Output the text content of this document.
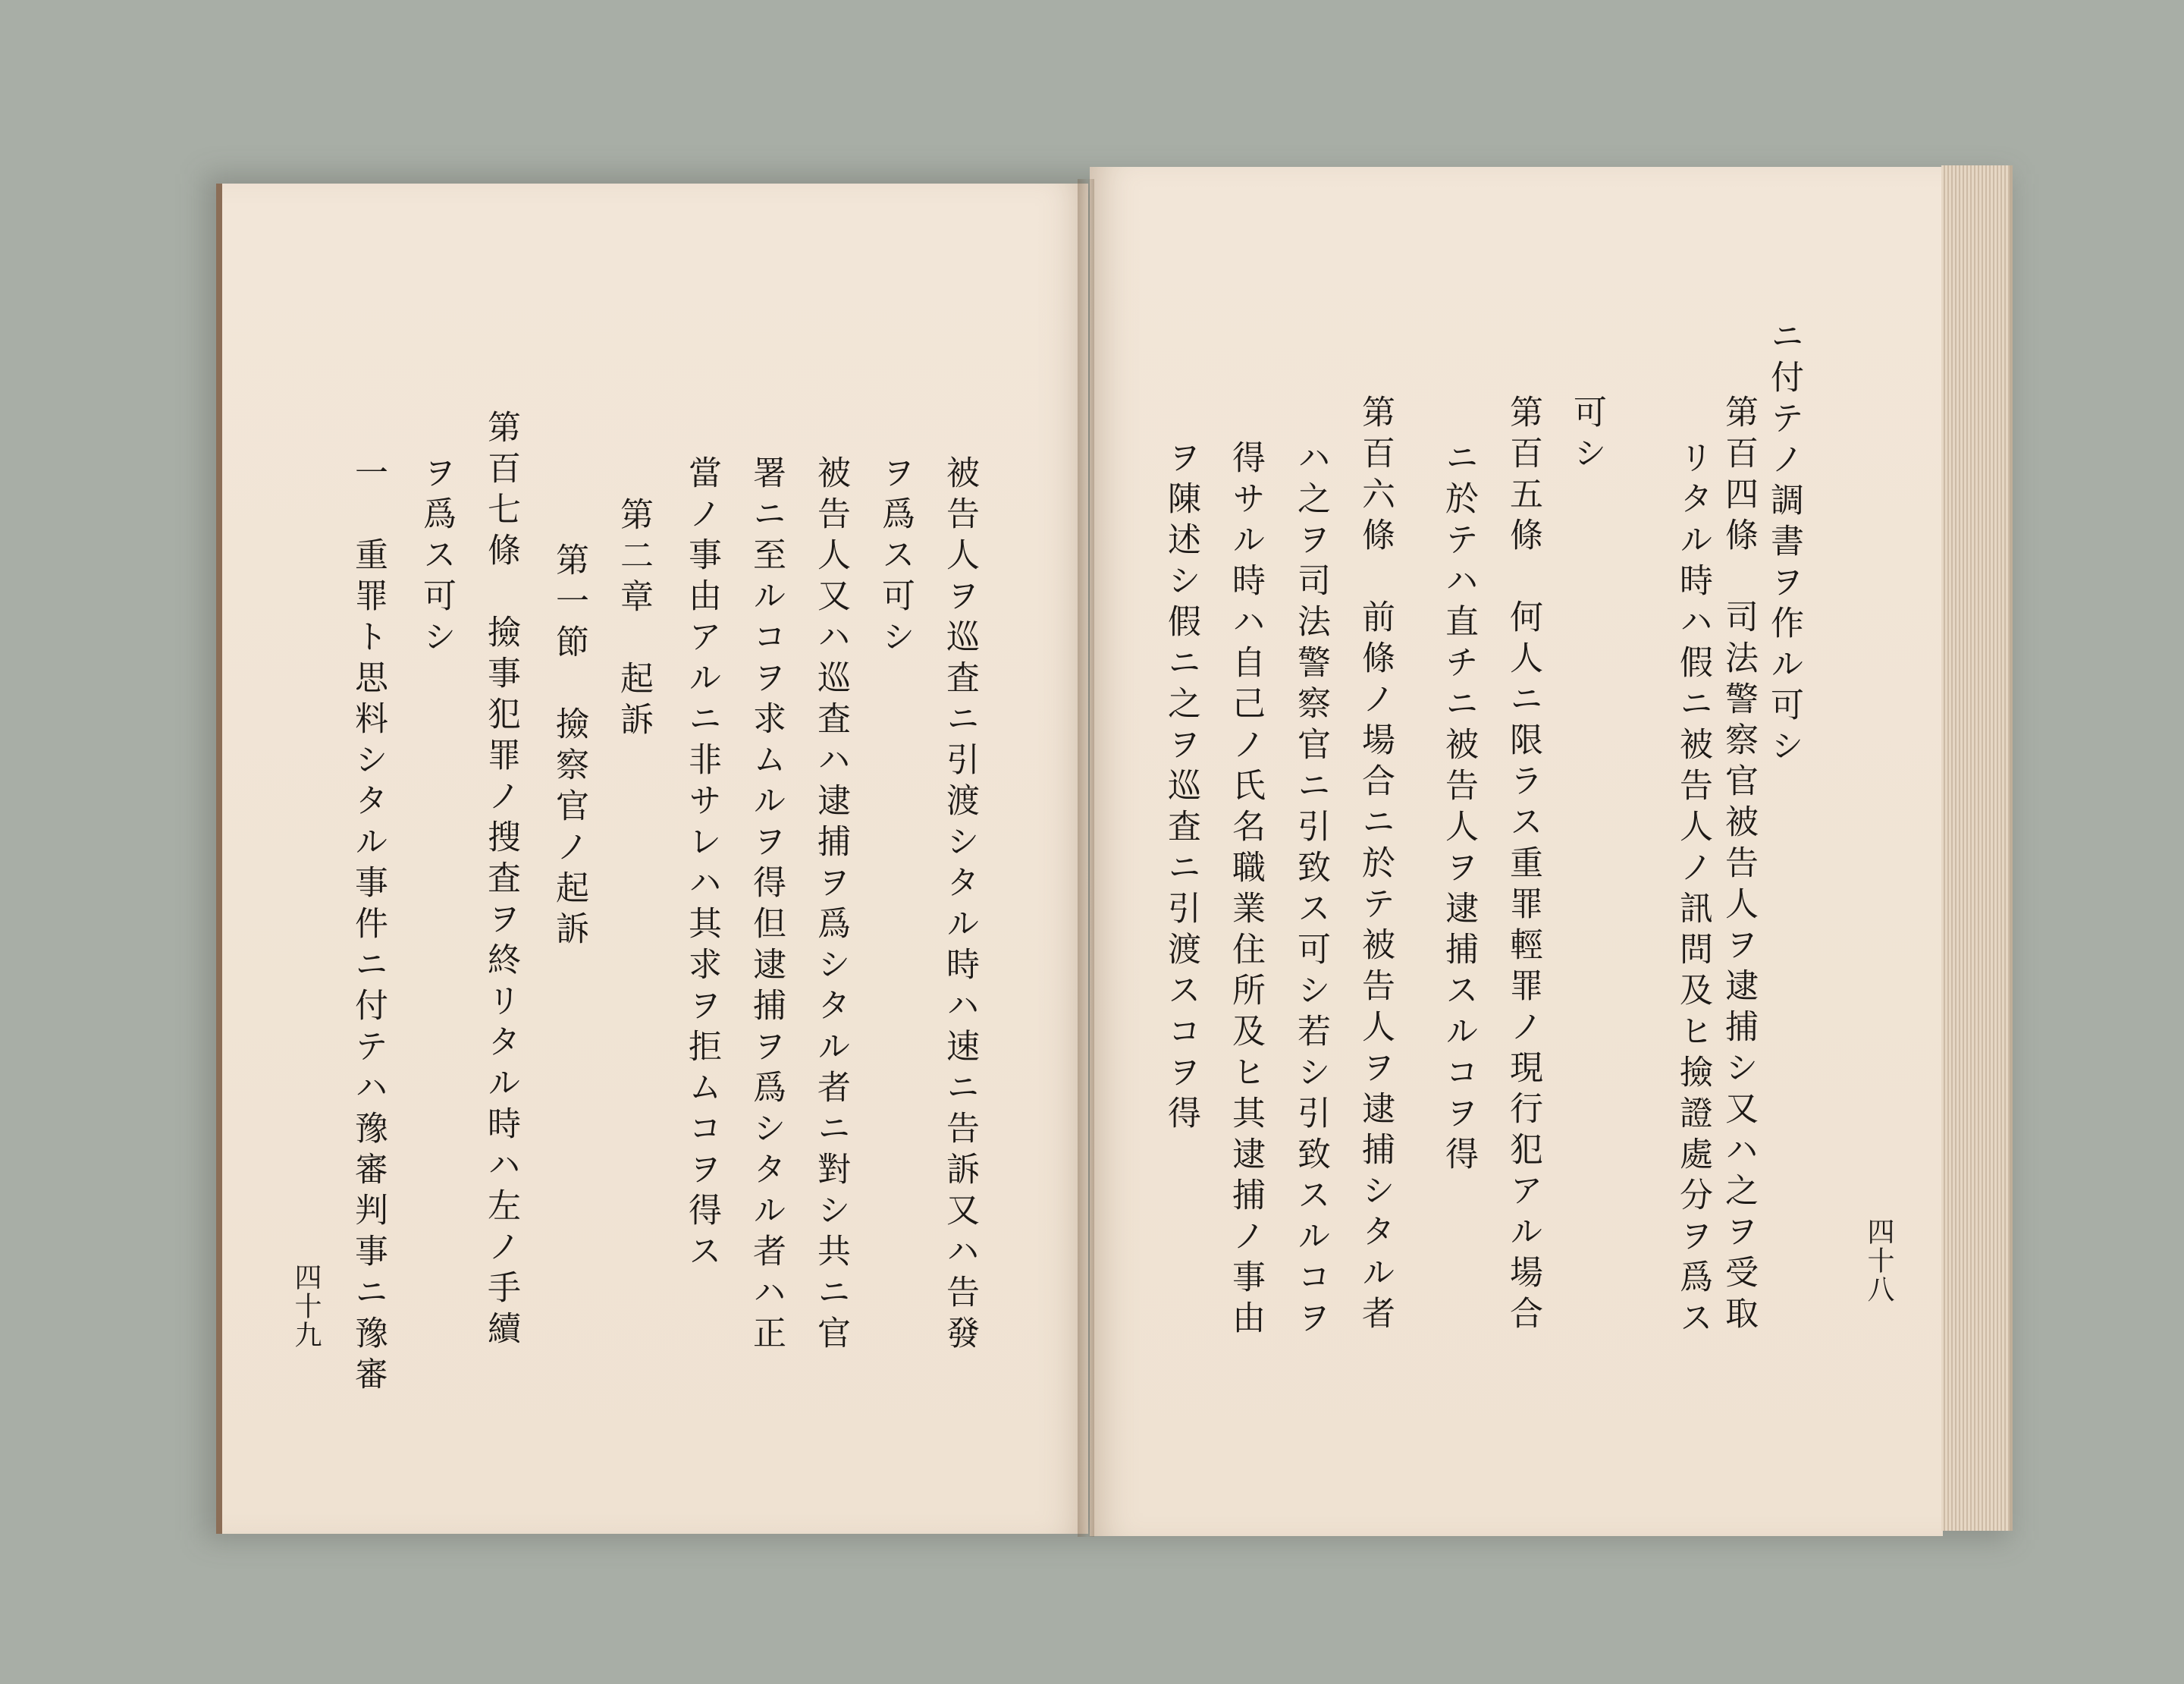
ニ付テノ調書ヲ作ル可シ
第百四條　司法警察官被告人ヲ逮捕シ又ハ之ヲ受取
リタル時ハ假ニ被告人ノ訊問及ヒ撿證處分ヲ爲ス
可シ
第百五條　何人ニ限ラス重罪輕罪ノ現行犯アル場合
ニ於テハ直チニ被告人ヲ逮捕スルコヲ得
第百六條　前條ノ場合ニ於テ被告人ヲ逮捕シタル者
ハ之ヲ司法警察官ニ引致ス可シ若シ引致スルコヲ
得サル時ハ自己ノ氏名職業住所及ヒ其逮捕ノ事由
ヲ陳述シ假ニ之ヲ巡査ニ引渡スコヲ得
四十八
被告人ヲ巡査ニ引渡シタル時ハ速ニ告訴又ハ告發
ヲ爲ス可シ
被告人又ハ巡査ハ逮捕ヲ爲シタル者ニ對シ共ニ官
署ニ至ルコヲ求ムルヲ得但逮捕ヲ爲シタル者ハ正
當ノ事由アルニ非サレハ其求ヲ拒ムコヲ得ス
第二章　起訴
第一節　撿察官ノ起訴
第百七條　撿事犯罪ノ搜査ヲ終リタル時ハ左ノ手續
ヲ爲ス可シ
一　重罪ト思料シタル事件ニ付テハ豫審判事ニ豫審
四十九
